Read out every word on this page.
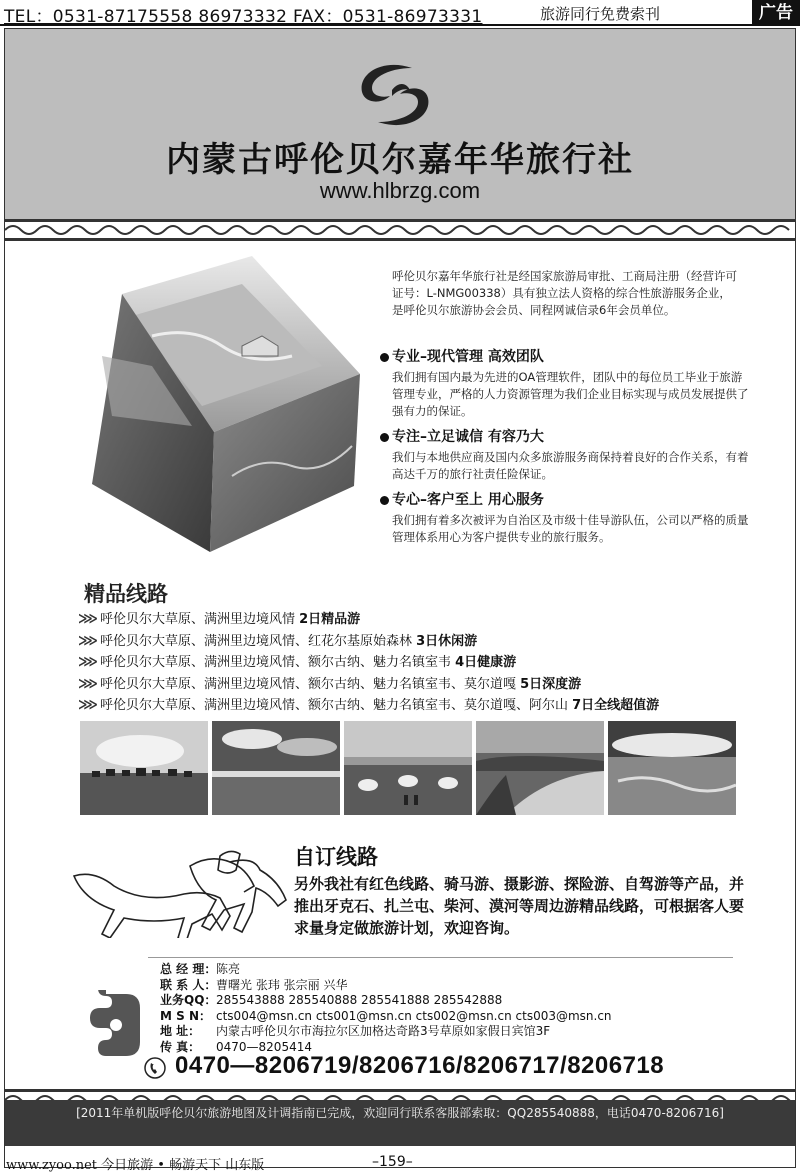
TEL：0531-87175558 86973332 FAX：0531-86973331	旅游同行免费索刊	广告
内蒙古呼伦贝尔嘉年华旅行社
www.hlbrzg.com
呼伦贝尔嘉年华旅行社是经国家旅游局审批、工商局注册（经营许可证号：L-NMG00338）具有独立法人资格的综合性旅游服务企业，是呼伦贝尔旅游协会会员、同程网诚信录6年会员单位。
专业–现代管理 高效团队
我们拥有国内最为先进的OA管理软件，团队中的每位员工毕业于旅游管理专业，严格的人力资源管理为我们企业目标实现与成员发展提供了强有力的保证。
专注–立足诚信 有容乃大
我们与本地供应商及国内众多旅游服务商保持着良好的合作关系，有着高达千万的旅行社责任险保证。
专心–客户至上 用心服务
我们拥有着多次被评为自治区及市级十佳导游队伍，公司以严格的质量管理体系用心为客户提供专业的旅行服务。
精品线路
⋙ 呼伦贝尔大草原、满洲里边境风情 2日精品游
⋙ 呼伦贝尔大草原、满洲里边境风情、红花尔基原始森林 3日休闲游
⋙ 呼伦贝尔大草原、满洲里边境风情、额尔古纳、魅力名镇室韦 4日健康游
⋙ 呼伦贝尔大草原、满洲里边境风情、额尔古纳、魅力名镇室韦、莫尔道嘎 5日深度游
⋙ 呼伦贝尔大草原、满洲里边境风情、额尔古纳、魅力名镇室韦、莫尔道嘎、阿尔山 7日全线超值游
自订线路
另外我社有红色线路、骑马游、摄影游、探险游、自驾游等产品，并推出牙克石、扎兰屯、柴河、漠河等周边游精品线路，可根据客人要求量身定做旅游计划，欢迎咨询。
总 经 理：陈亮
联 系 人：曹曙光 张玮 张宗丽 兴华
业务QQ：285543888 285540888 285541888 285542888
M S N： cts004@msn.cn cts001@msn.cn cts002@msn.cn cts003@msn.cn
地 址： 内蒙古呼伦贝尔市海拉尔区加格达奇路3号草原如家假日宾馆3F
传 真： 0470—8205414
0470—8206719/8206716/8206717/8206718
[2011年单机版呼伦贝尔旅游地图及计调指南已完成，欢迎同行联系客服部索取：QQ285540888，电话0470-8206716]
www.zyoo.net 今日旅游 • 畅游天下 山东版	–159–
